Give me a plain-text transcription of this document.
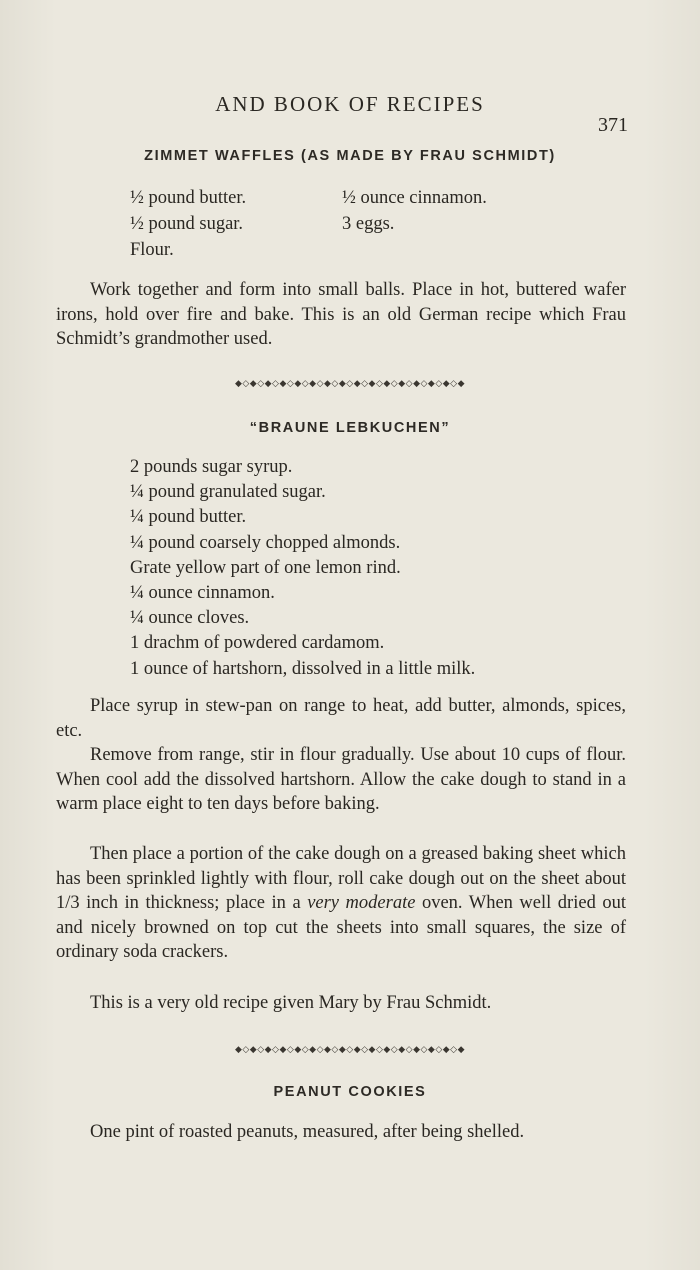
AND BOOK OF RECIPES
371
ZIMMET WAFFLES (AS MADE BY FRAU SCHMIDT)
½ pound butter.	½ ounce cinnamon.
½ pound sugar.	3 eggs.
Flour.

Work together and form into small balls. Place in hot, buttered wafer irons, hold over fire and bake. This is an old German recipe which Frau Schmidt’s grandmother used.

◆◇◆◇◆◇◆◇◆◇◆◇◆◇◆◇◆◇◆◇◆◇◆◇◆◇◆◇◆◇◆
“BRAUNE LEBKUCHEN”
2 pounds sugar syrup.
¼ pound granulated sugar.
¼ pound butter.
¼ pound coarsely chopped almonds.
Grate yellow part of one lemon rind.
¼ ounce cinnamon.
¼ ounce cloves.
1 drachm of powdered cardamom.
1 ounce of hartshorn, dissolved in a little milk.

Place syrup in stew-pan on range to heat, add butter, almonds, spices, etc.

Remove from range, stir in flour gradually. Use about 10 cups of flour. When cool add the dissolved hartshorn. Allow the cake dough to stand in a warm place eight to ten days before baking.

Then place a portion of the cake dough on a greased baking sheet which has been sprinkled lightly with flour, roll cake dough out on the sheet about 1/3 inch in thickness; place in a very moderate oven. When well dried out and nicely browned on top cut the sheets into small squares, the size of ordinary soda crackers.

This is a very old recipe given Mary by Frau Schmidt.

◆◇◆◇◆◇◆◇◆◇◆◇◆◇◆◇◆◇◆◇◆◇◆◇◆◇◆◇◆◇◆
PEANUT COOKIES

One pint of roasted peanuts, measured, after being shelled.
